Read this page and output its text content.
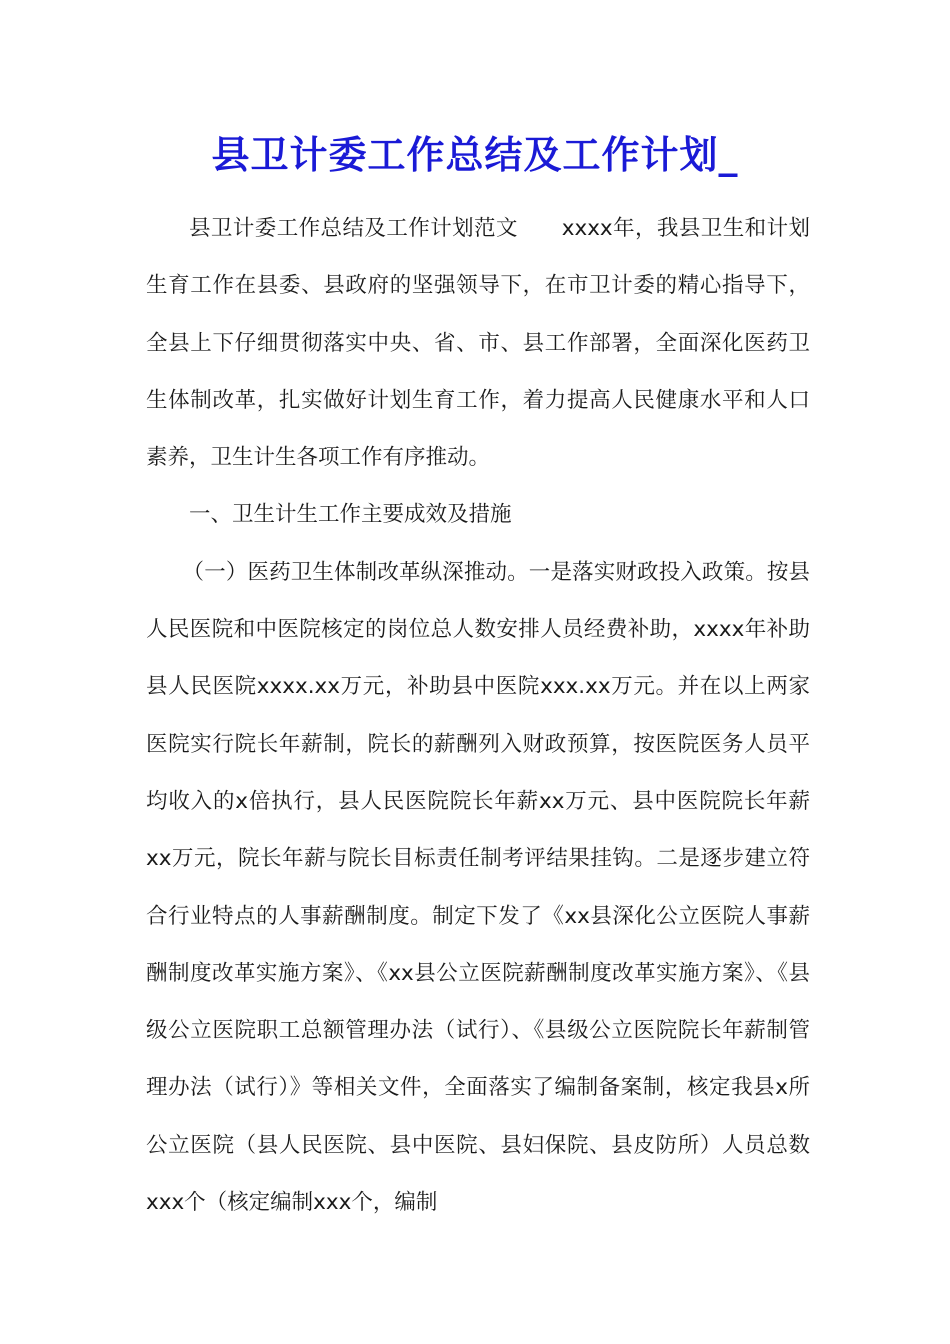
县卫计委工作总结及工作计划_

县卫计委工作总结及工作计划范文　　xxxx年，我县卫生和计划生育工作在县委、县政府的坚强领导下，在市卫计委的精心指导下，全县上下仔细贯彻落实中央、省、市、县工作部署，全面深化医药卫生体制改革，扎实做好计划生育工作，着力提高人民健康水平和人口素养，卫生计生各项工作有序推动。

一、卫生计生工作主要成效及措施

（一）医药卫生体制改革纵深推动。一是落实财政投入政策。按县人民医院和中医院核定的岗位总人数安排人员经费补助，xxxx年补助县人民医院xxxx.xx万元，补助县中医院xxx.xx万元。并在以上两家医院实行院长年薪制，院长的薪酬列入财政预算，按医院医务人员平均收入的x倍执行，县人民医院院长年薪xx万元、县中医院院长年薪xx万元，院长年薪与院长目标责任制考评结果挂钩。二是逐步建立符合行业特点的人事薪酬制度。制定下发了《xx县深化公立医院人事薪酬制度改革实施方案》、《xx县公立医院薪酬制度改革实施方案》、《县级公立医院职工总额管理办法（试行）、《县级公立医院院长年薪制管理办法（试行）》等相关文件，全面落实了编制备案制，核定我县x所公立医院（县人民医院、县中医院、县妇保院、县皮防所）人员总数xxx个（核定编制xxx个，编制
